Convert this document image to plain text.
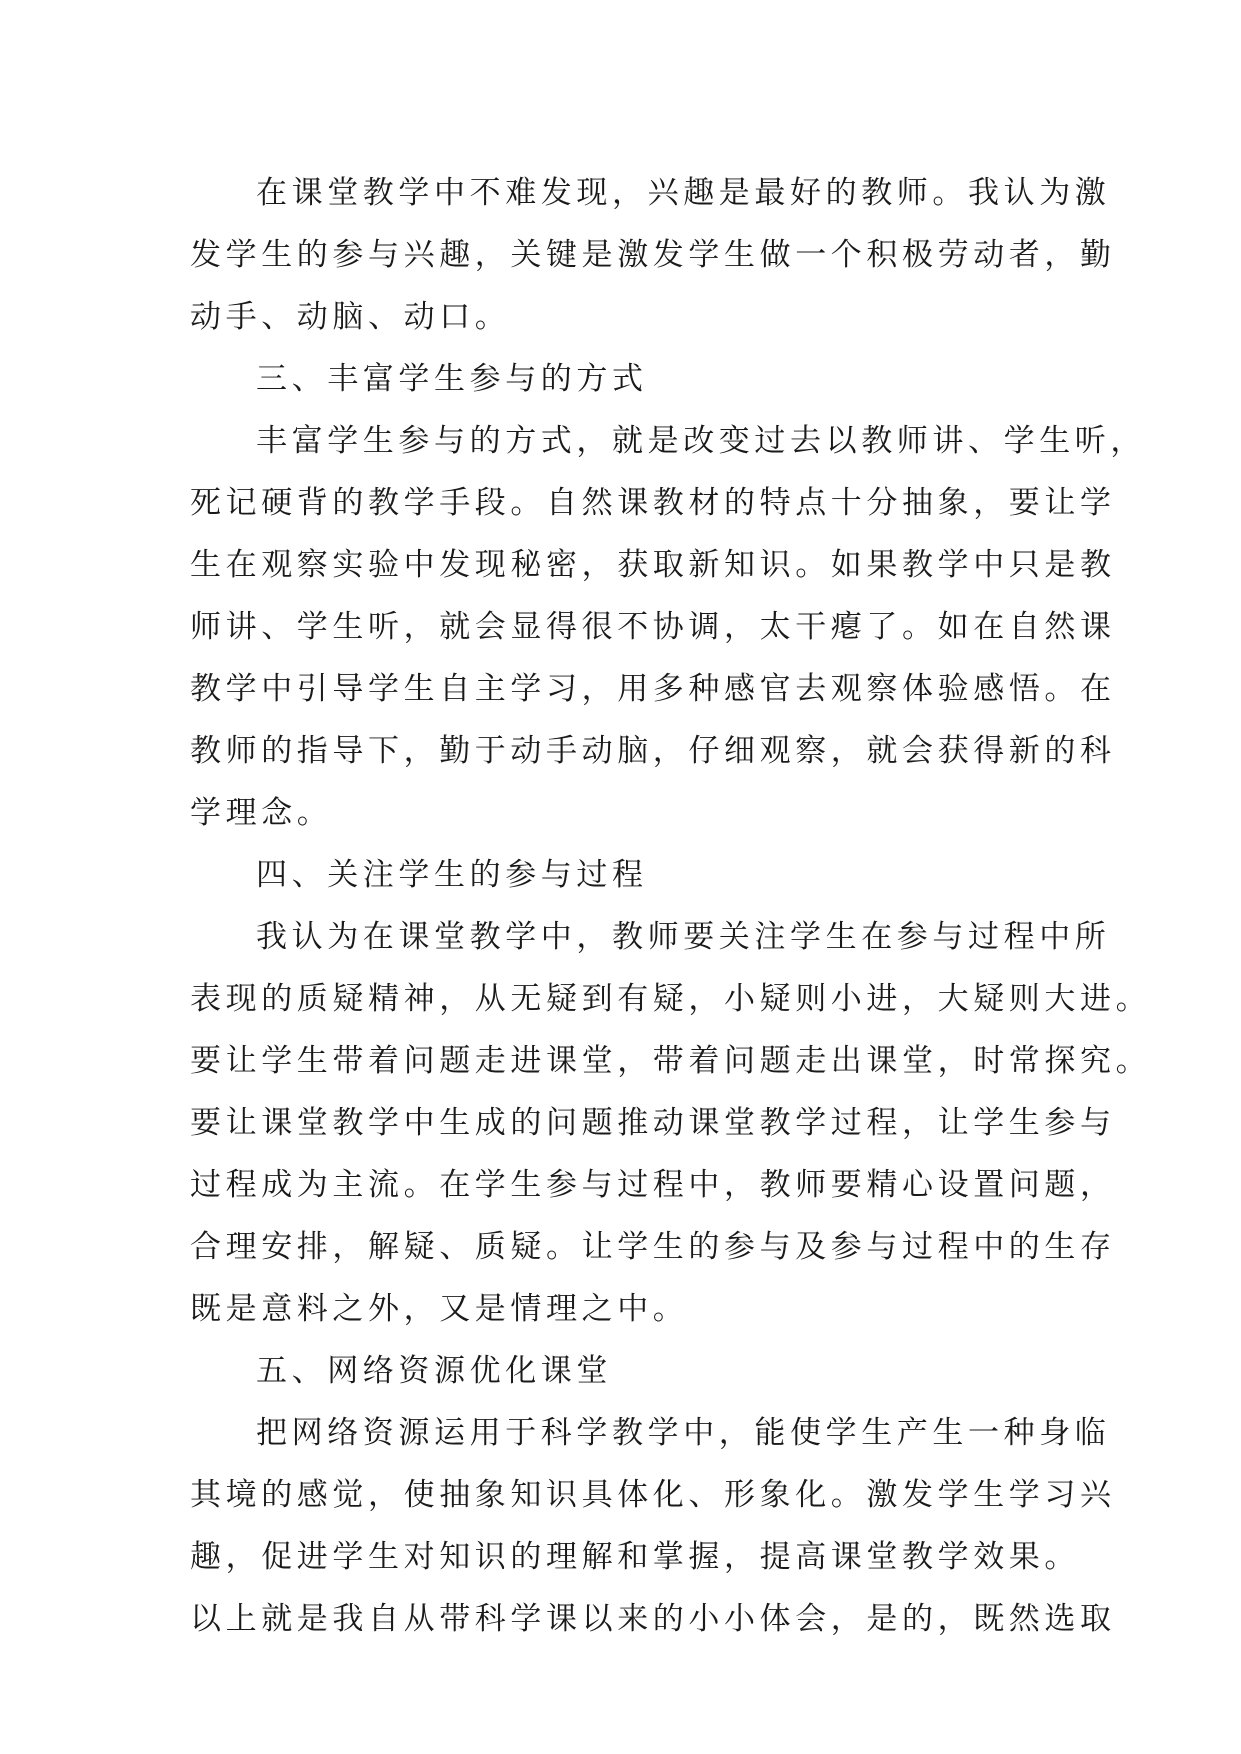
在课堂教学中不难发现，兴趣是最好的教师。我认为激
发学生的参与兴趣，关键是激发学生做一个积极劳动者，勤
动手、动脑、动口。
三、丰富学生参与的方式
丰富学生参与的方式，就是改变过去以教师讲、学生听，
死记硬背的教学手段。自然课教材的特点十分抽象，要让学
生在观察实验中发现秘密，获取新知识。如果教学中只是教
师讲、学生听，就会显得很不协调，太干瘪了。如在自然课
教学中引导学生自主学习，用多种感官去观察体验感悟。在
教师的指导下，勤于动手动脑，仔细观察，就会获得新的科
学理念。
四、关注学生的参与过程
我认为在课堂教学中，教师要关注学生在参与过程中所
表现的质疑精神，从无疑到有疑，小疑则小进，大疑则大进。
要让学生带着问题走进课堂，带着问题走出课堂，时常探究。
要让课堂教学中生成的问题推动课堂教学过程，让学生参与
过程成为主流。在学生参与过程中，教师要精心设置问题，
合理安排，解疑、质疑。让学生的参与及参与过程中的生存
既是意料之外，又是情理之中。
五、网络资源优化课堂
把网络资源运用于科学教学中，能使学生产生一种身临
其境的感觉，使抽象知识具体化、形象化。激发学生学习兴
趣，促进学生对知识的理解和掌握，提高课堂教学效果。
以上就是我自从带科学课以来的小小体会，是的，既然选取
